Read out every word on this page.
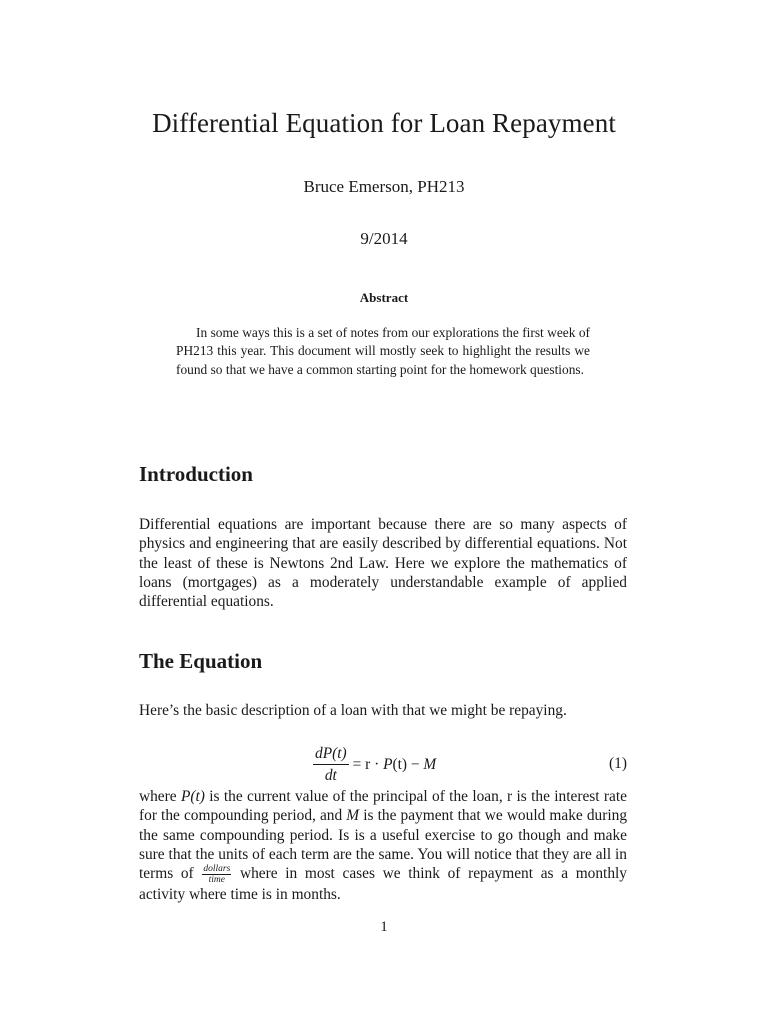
Differential Equation for Loan Repayment
Bruce Emerson, PH213
9/2014
Abstract
In some ways this is a set of notes from our explorations the first week of PH213 this year. This document will mostly seek to highlight the results we found so that we have a common starting point for the homework questions.
Introduction
Differential equations are important because there are so many aspects of physics and engineering that are easily described by differential equations. Not the least of these is Newtons 2nd Law. Here we explore the mathematics of loans (mortgages) as a moderately understandable example of applied differential equations.
The Equation
Here’s the basic description of a loan with that we might be repaying.
$\frac{dP(t)}{dt} = r \cdot P(t) - M$	(1)
where P(t) is the current value of the principal of the loan, r is the interest rate for the compounding period, and M is the payment that we would make during the same compounding period. Is is a useful exercise to go though and make sure that the units of each term are the same. You will notice that they are all in terms of $\frac{\text{dollars}}{\text{time}}$ where in most cases we think of repayment as a monthly activity where time is in months.
1
